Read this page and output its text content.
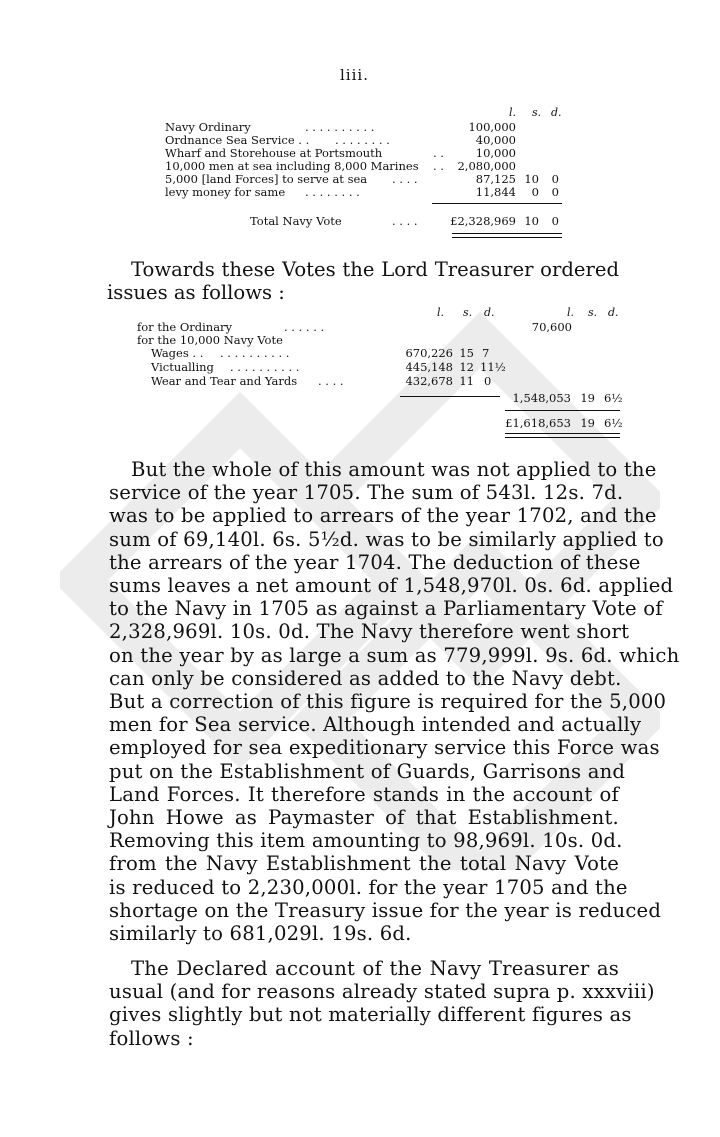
liii.
l. s. d.
Navy Ordinary	. . . . . . . . . .	100,000
Ordnance Sea Service . . . . . . . . . .	40,000
Wharf and Storehouse at Portsmouth	. .	10,000
10,000 men at sea including 8,000 Marines . .	2,080,000
5,000 [land Forces] to serve at sea . . . .	87,125 10	0
levy money for same . . . . . . . .	11,844	0	0
Total Navy Vote	. . . .	£2,328,969 10	0
Towards these Votes the Lord Treasurer ordered
issues as follows :
l. s. d.	l. s. d.
for the Ordinary	. . . . . .	70,600
for the 10,000 Navy Vote
Wages . . . . . . . . . . . .	670,226 15 7
Victualling . . . . . . . . . .	445,148 12 11½
Wear and Tear and Yards . . . .	432,678 11 0
1,548,053 19 6½
£1,618,653 19 6½
But the whole of this amount was not applied to the
service of the year 1705. The sum of 543l. 12s. 7d.
was to be applied to arrears of the year 1702, and the
sum of 69,140l. 6s. 5½d. was to be similarly applied to
the arrears of the year 1704. The deduction of these
sums leaves a net amount of 1,548,970l. 0s. 6d. applied
to the Navy in 1705 as against a Parliamentary Vote of
2,328,969l. 10s. 0d. The Navy therefore went short
on the year by as large a sum as 779,999l. 9s. 6d. which
can only be considered as added to the Navy debt.
But a correction of this figure is required for the 5,000
men for Sea service. Although intended and actually
employed for sea expeditionary service this Force was
put on the Establishment of Guards, Garrisons and
Land Forces. It therefore stands in the account of
John Howe as Paymaster of that Establishment.
Removing this item amounting to 98,969l. 10s. 0d.
from the Navy Establishment the total Navy Vote
is reduced to 2,230,000l. for the year 1705 and the
shortage on the Treasury issue for the year is reduced
similarly to 681,029l. 19s. 6d.
The Declared account of the Navy Treasurer as
usual (and for reasons already stated supra p. xxxviii)
gives slightly but not materially different figures as
follows :
